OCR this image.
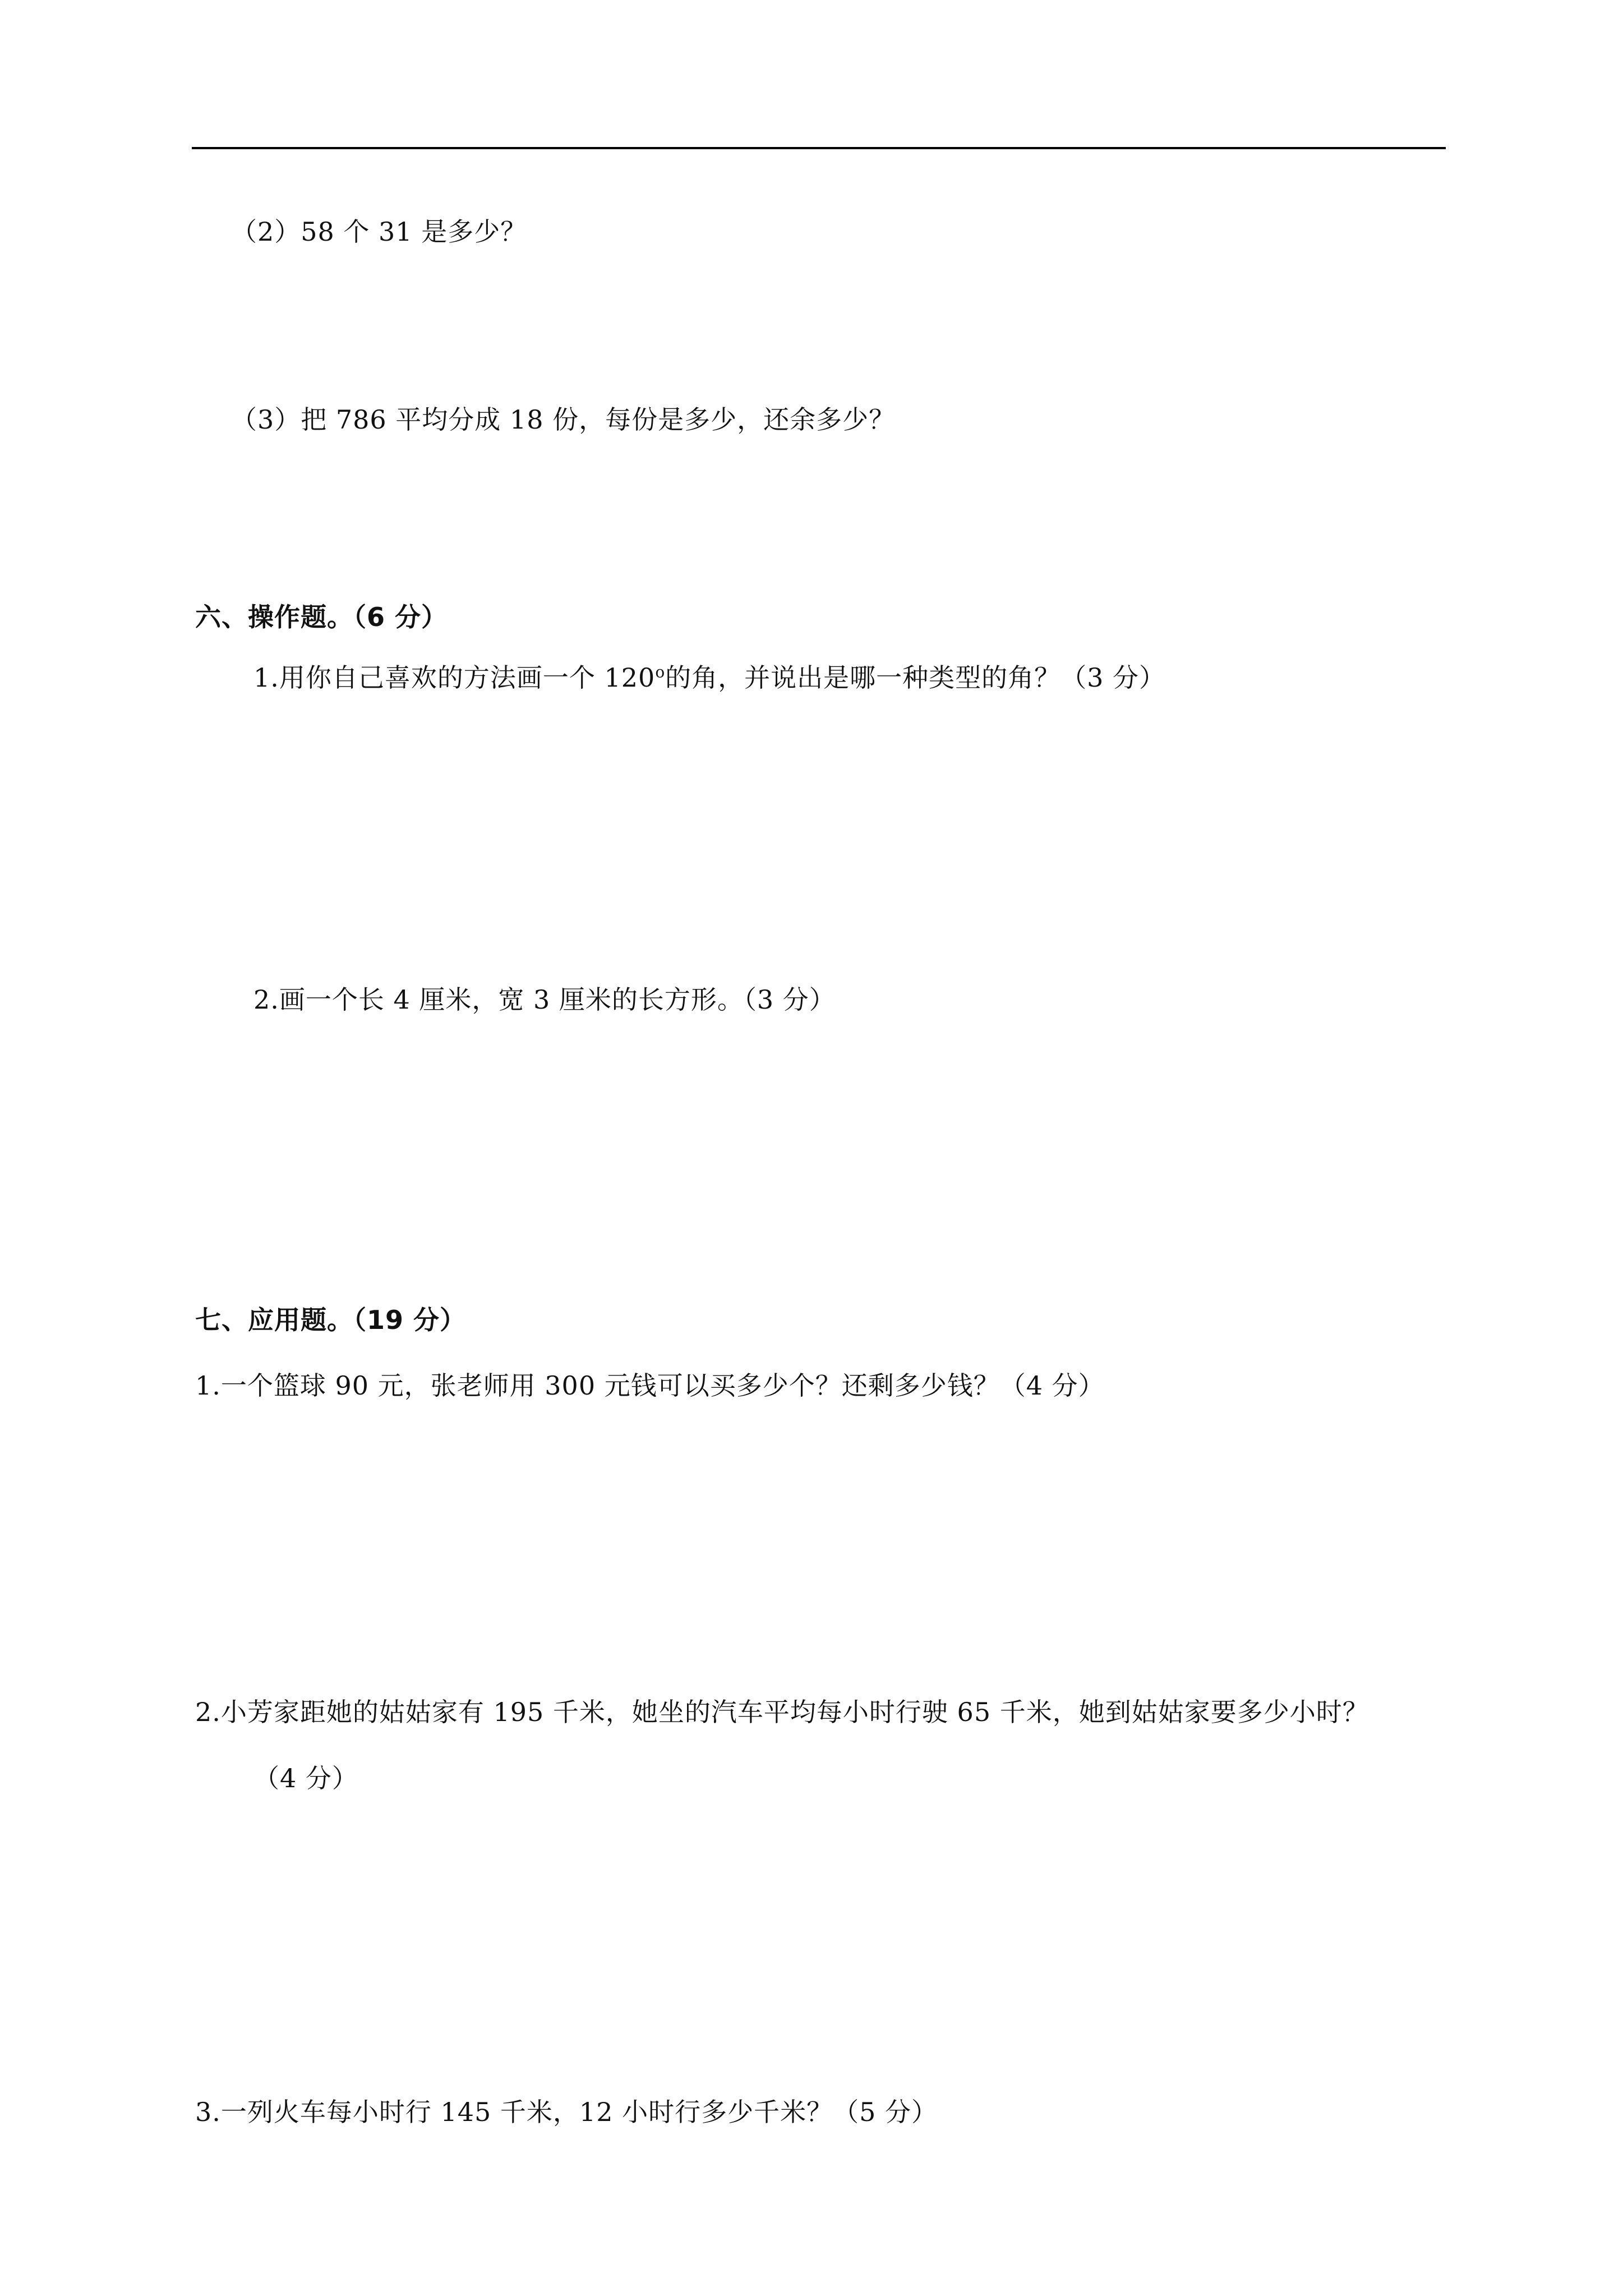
（2）58 个 31 是多少？
（3）把 786 平均分成 18 份，每份是多少，还余多少？
六、操作题。（6 分）
1.用你自己喜欢的方法画一个 120$^o$的角，并说出是哪一种类型的角？（3 分）
2.画一个长 4 厘米，宽 3 厘米的长方形。（3 分）
七、应用题。（19 分）
1.一个篮球 90 元，张老师用 300 元钱可以买多少个？还剩多少钱？（4 分）
2.小芳家距她的姑姑家有 195 千米，她坐的汽车平均每小时行驶 65 千米，她到姑姑家要多少小时？
（4 分）
3.一列火车每小时行 145 千米，12 小时行多少千米？（5 分）
